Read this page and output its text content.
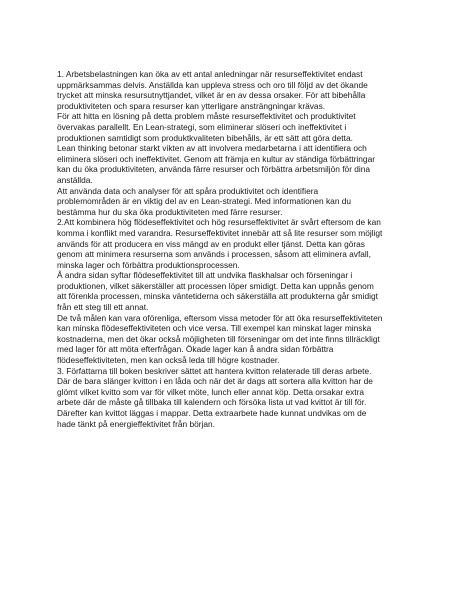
1. Arbetsbelastningen kan öka av ett antal anledningar när resurseffektivitet endast
uppmärksammas delvis. Anställda kan uppleva stress och oro till följd av det ökande
trycket att minska resursutnyttjandet, vilket är en av dessa orsaker. För att bibehålla
produktiviteten och spara resurser kan ytterligare ansträngningar krävas.

För att hitta en lösning på detta problem måste resurseffektivitet och produktivitet
övervakas parallellt. En Lean-strategi, som eliminerar slöseri och ineffektivitet i
produktionen samtidigt som produktkvaliteten bibehålls, är ett sätt att göra detta.
Lean thinking betonar starkt vikten av att involvera medarbetarna i att identifiera och
eliminera slöseri och ineffektivitet. Genom att främja en kultur av ständiga förbättringar
kan du öka produktiviteten, använda färre resurser och förbättra arbetsmiljön för dina
anställda.
Att använda data och analyser för att spåra produktivitet och identifiera
problemområden är en viktig del av en Lean-strategi. Med informationen kan du
bestämma hur du ska öka produktiviteten med färre resurser.

2.Att kombinera hög flödeseffektivitet och hög resurseffektivitet är svårt eftersom de kan
komma i konflikt med varandra. Resurseffektivitet innebär att så lite resurser som möjligt
används för att producera en viss mängd av en produkt eller tjänst. Detta kan göras
genom att minimera resurserna som används i processen, såsom att eliminera avfall,
minska lager och förbättra produktionsprocessen.
Å andra sidan syftar flödeseffektivitet till att undvika flaskhalsar och förseningar i
produktionen, vilket säkerställer att processen löper smidigt. Detta kan uppnås genom
att förenkla processen, minska väntetiderna och säkerställa att produkterna går smidigt
från ett steg till ett annat.

De två målen kan vara oförenliga, eftersom vissa metoder för att öka resurseffektiviteten
kan minska flödeseffektiviteten och vice versa. Till exempel kan minskat lager minska
kostnaderna, men det ökar också möjligheten till förseningar om det inte finns tillräckligt
med lager för att möta efterfrågan. Ökade lager kan å andra sidan förbättra
flödeseffektiviteten, men kan också leda till högre kostnader.

3. Författarna till boken beskriver sättet att hantera kvitton relaterade till deras arbete.
Där de bara slänger kvitton i en låda och när det är dags att sortera alla kvitton har de
glömt vilket kvitto som var för vilket möte, lunch eller annat köp. Detta orsakar extra
arbete där de måste gå tillbaka till kalendern och försöka lista ut vad kvittot är till för.
Därefter kan kvittot läggas i mappar. Detta extraarbete hade kunnat undvikas om de
hade tänkt på energieffektivitet från början.
